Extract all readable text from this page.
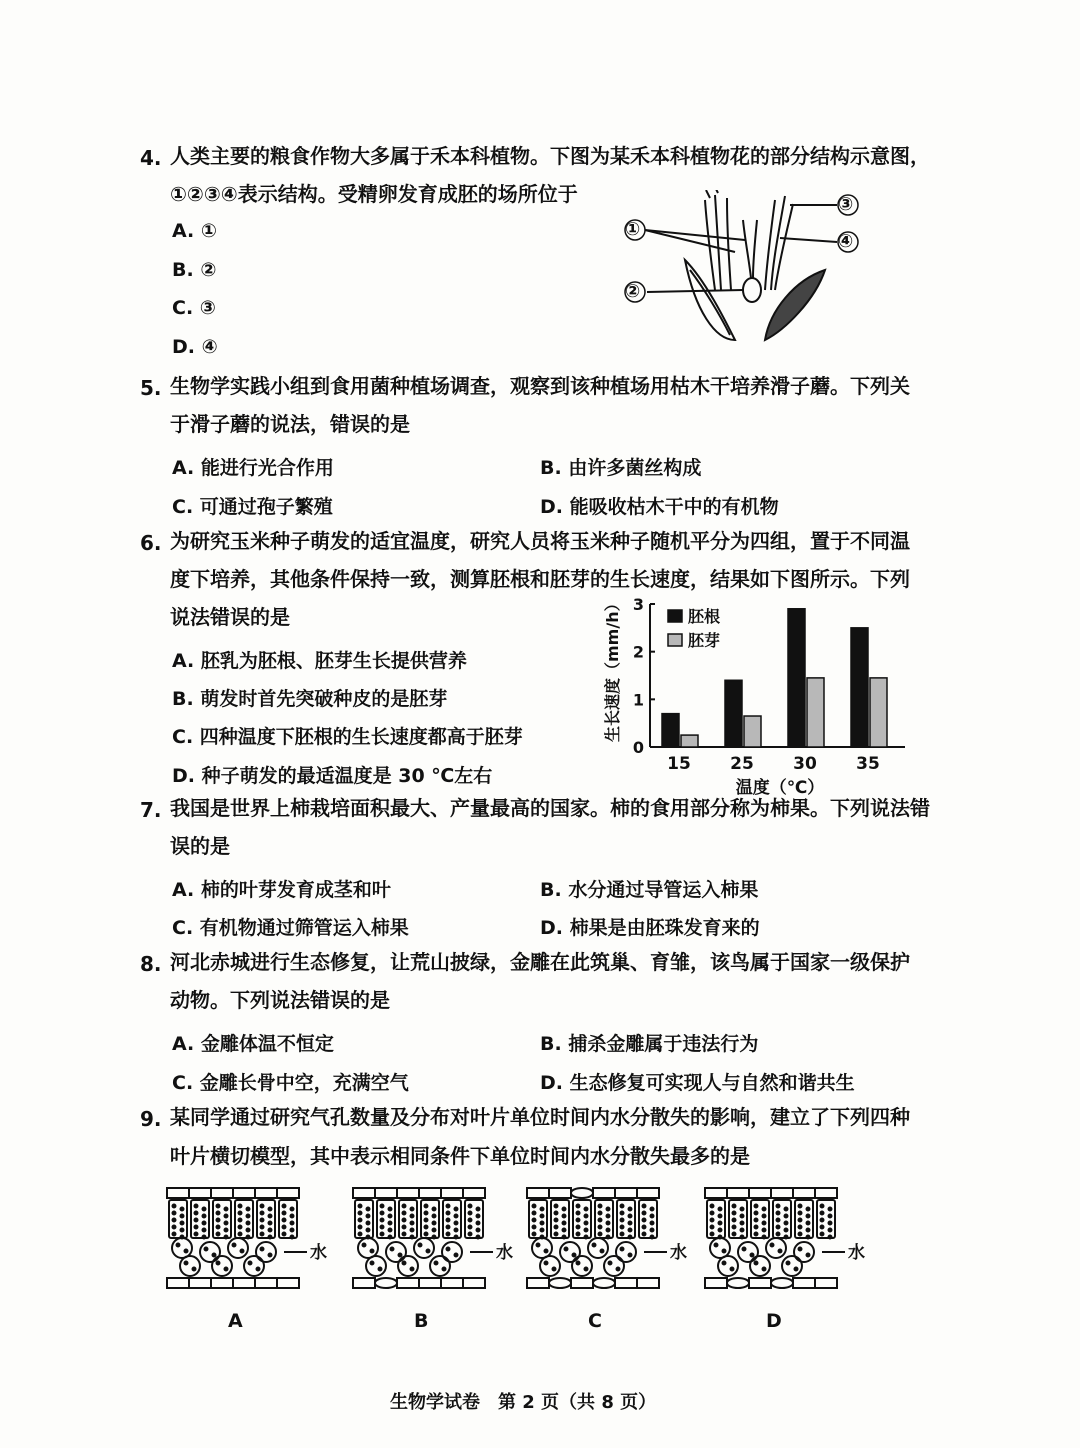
4. 人类主要的粮食作物大多属于禾本科植物。下图为某禾本科植物花的部分结构示意图，
①②③④表示结构。受精卵发育成胚的场所位于
A. ①
B. ②
C. ③
D. ④
①
②
③
④
5. 生物学实践小组到食用菌种植场调查，观察到该种植场用枯木干培养滑子蘑。下列关
于滑子蘑的说法，错误的是
A. 能进行光合作用	B. 由许多菌丝构成
C. 可通过孢子繁殖	D. 能吸收枯木干中的有机物
6. 为研究玉米种子萌发的适宜温度，研究人员将玉米种子随机平分为四组，置于不同温
度下培养，其他条件保持一致，测算胚根和胚芽的生长速度，结果如下图所示。下列
说法错误的是
A. 胚乳为胚根、胚芽生长提供营养
B. 萌发时首先突破种皮的是胚芽
C. 四种温度下胚根的生长速度都高于胚芽
D. 种子萌发的最适温度是 30 ℃左右
15 25 30 35
0
1
2
3
温度（℃）
生长速度（mm/h）	胚根
胚芽
7. 我国是世界上柿栽培面积最大、产量最高的国家。柿的食用部分称为柿果。下列说法错
误的是
A. 柿的叶芽发育成茎和叶	B. 水分通过导管运入柿果
C. 有机物通过筛管运入柿果	D. 柿果是由胚珠发育来的
8. 河北赤城进行生态修复，让荒山披绿，金雕在此筑巢、育雏，该鸟属于国家一级保护
动物。下列说法错误的是
A. 金雕体温不恒定	B. 捕杀金雕属于违法行为
C. 金雕长骨中空，充满空气	D. 生态修复可实现人与自然和谐共生
9. 某同学通过研究气孔数量及分布对叶片单位时间内水分散失的影响，建立了下列四种
叶片横切模型，其中表示相同条件下单位时间内水分散失最多的是
水
A
水
B
水
C
水
D
生物学试卷　第 2 页（共 8 页）
